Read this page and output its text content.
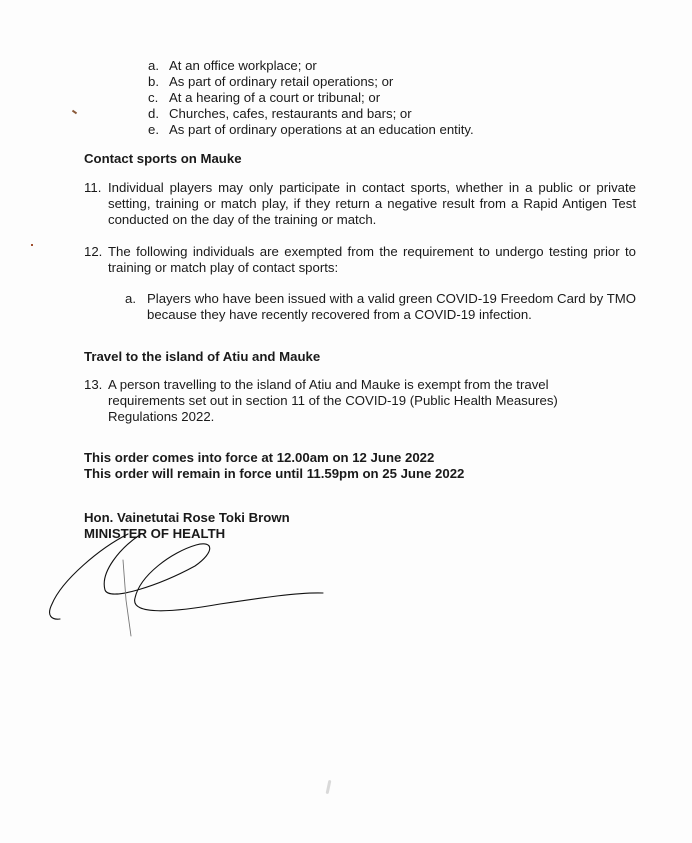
a. At an office workplace; or
b. As part of ordinary retail operations; or
c. At a hearing of a court or tribunal; or
d. Churches, cafes, restaurants and bars; or
e. As part of ordinary operations at an education entity.
Contact sports on Mauke
11. Individual players may only participate in contact sports, whether in a public or private setting, training or match play, if they return a negative result from a Rapid Antigen Test conducted on the day of the training or match.
12. The following individuals are exempted from the requirement to undergo testing prior to training or match play of contact sports:
a. Players who have been issued with a valid green COVID-19 Freedom Card by TMO because they have recently recovered from a COVID-19 infection.
Travel to the island of Atiu and Mauke
13. A person travelling to the island of Atiu and Mauke is exempt from the travel requirements set out in section 11 of the COVID-19 (Public Health Measures) Regulations 2022.
This order comes into force at 12.00am on 12 June 2022
This order will remain in force until 11.59pm on 25 June 2022
Hon. Vainetutai Rose Toki Brown
MINISTER OF HEALTH
